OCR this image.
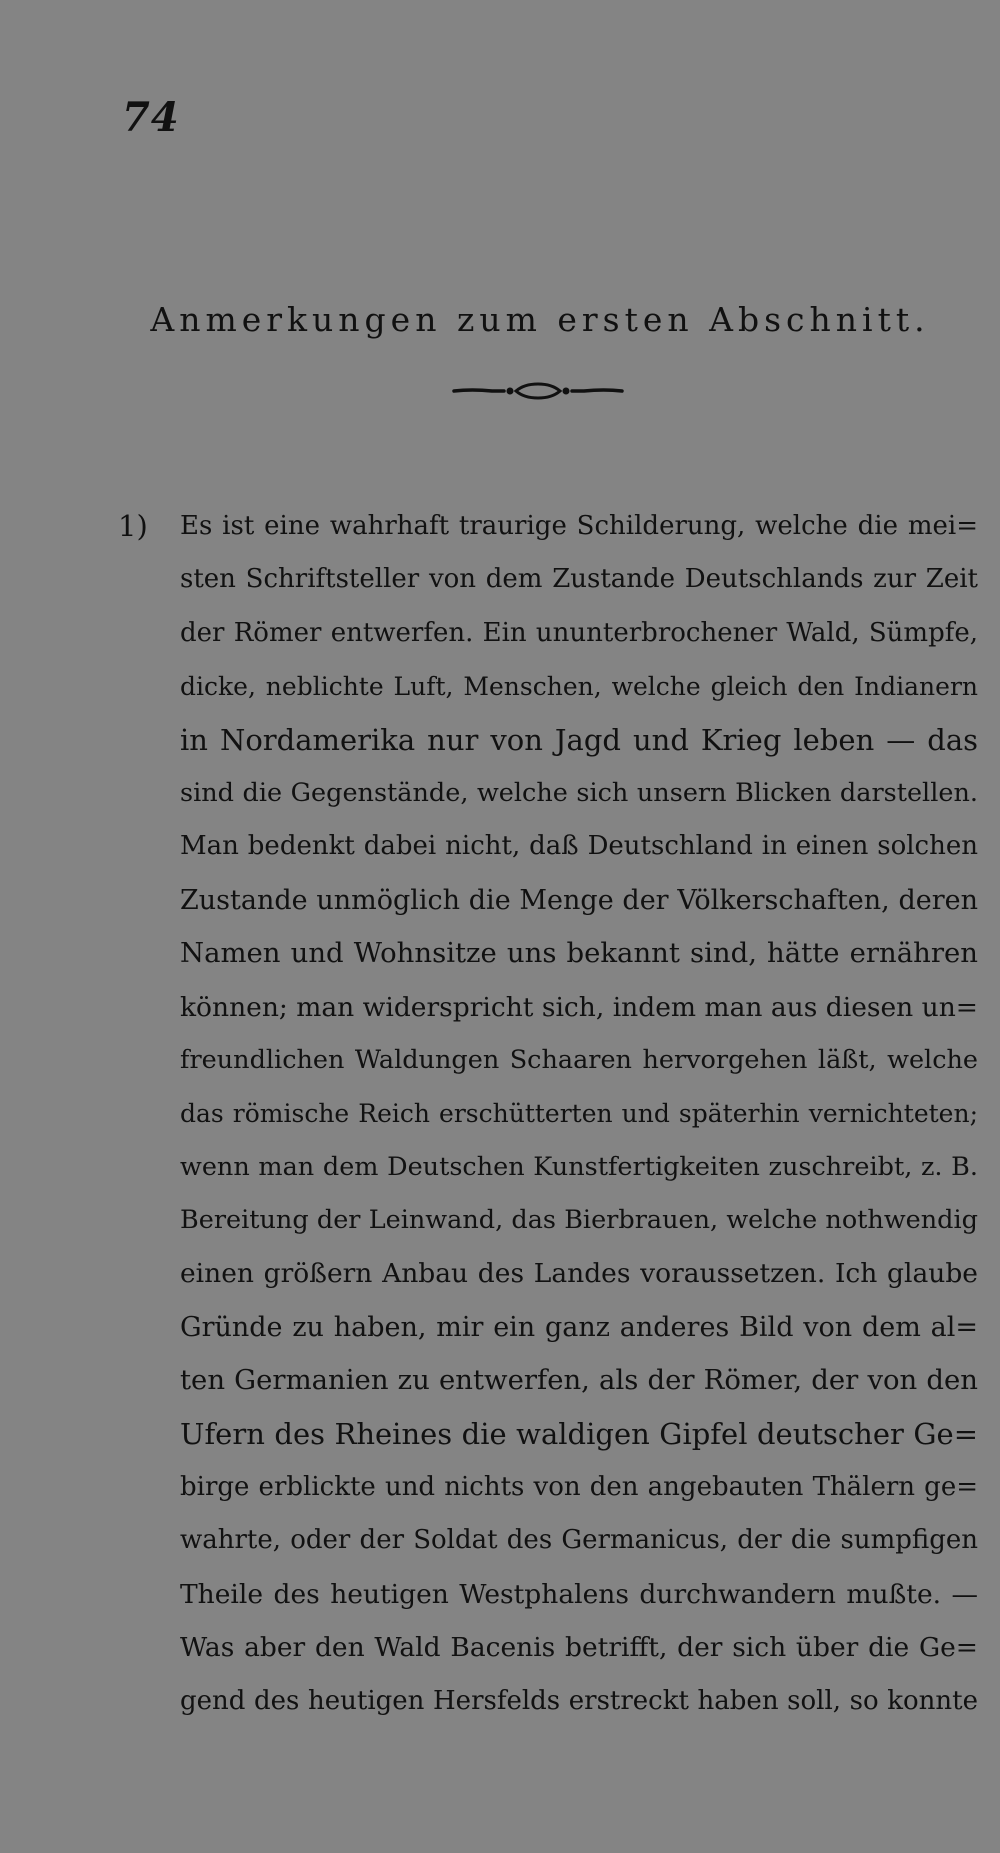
74
Anmerkungen zum ersten Abschnitt.
1)	Es ist eine wahrhaft traurige Schilderung, welche die mei=
sten Schriftsteller von dem Zustande Deutschlands zur Zeit
der Römer entwerfen. Ein ununterbrochener Wald, Sümpfe,
dicke, neblichte Luft, Menschen, welche gleich den Indianern
in Nordamerika nur von Jagd und Krieg leben — das
sind die Gegenstände, welche sich unsern Blicken darstellen.
Man bedenkt dabei nicht, daß Deutschland in einen solchen
Zustande unmöglich die Menge der Völkerschaften, deren
Namen und Wohnsitze uns bekannt sind, hätte ernähren
können; man widerspricht sich, indem man aus diesen un=
freundlichen Waldungen Schaaren hervorgehen läßt, welche
das römische Reich erschütterten und späterhin vernichteten;
wenn man dem Deutschen Kunstfertigkeiten zuschreibt, z. B.
Bereitung der Leinwand, das Bierbrauen, welche nothwendig
einen größern Anbau des Landes voraussetzen. Ich glaube
Gründe zu haben, mir ein ganz anderes Bild von dem al=
ten Germanien zu entwerfen, als der Römer, der von den
Ufern des Rheines die waldigen Gipfel deutscher Ge=
birge erblickte und nichts von den angebauten Thälern ge=
wahrte, oder der Soldat des Germanicus, der die sumpfigen
Theile des heutigen Westphalens durchwandern mußte. —
Was aber den Wald Bacenis betrifft, der sich über die Ge=
gend des heutigen Hersfelds erstreckt haben soll, so konnte
